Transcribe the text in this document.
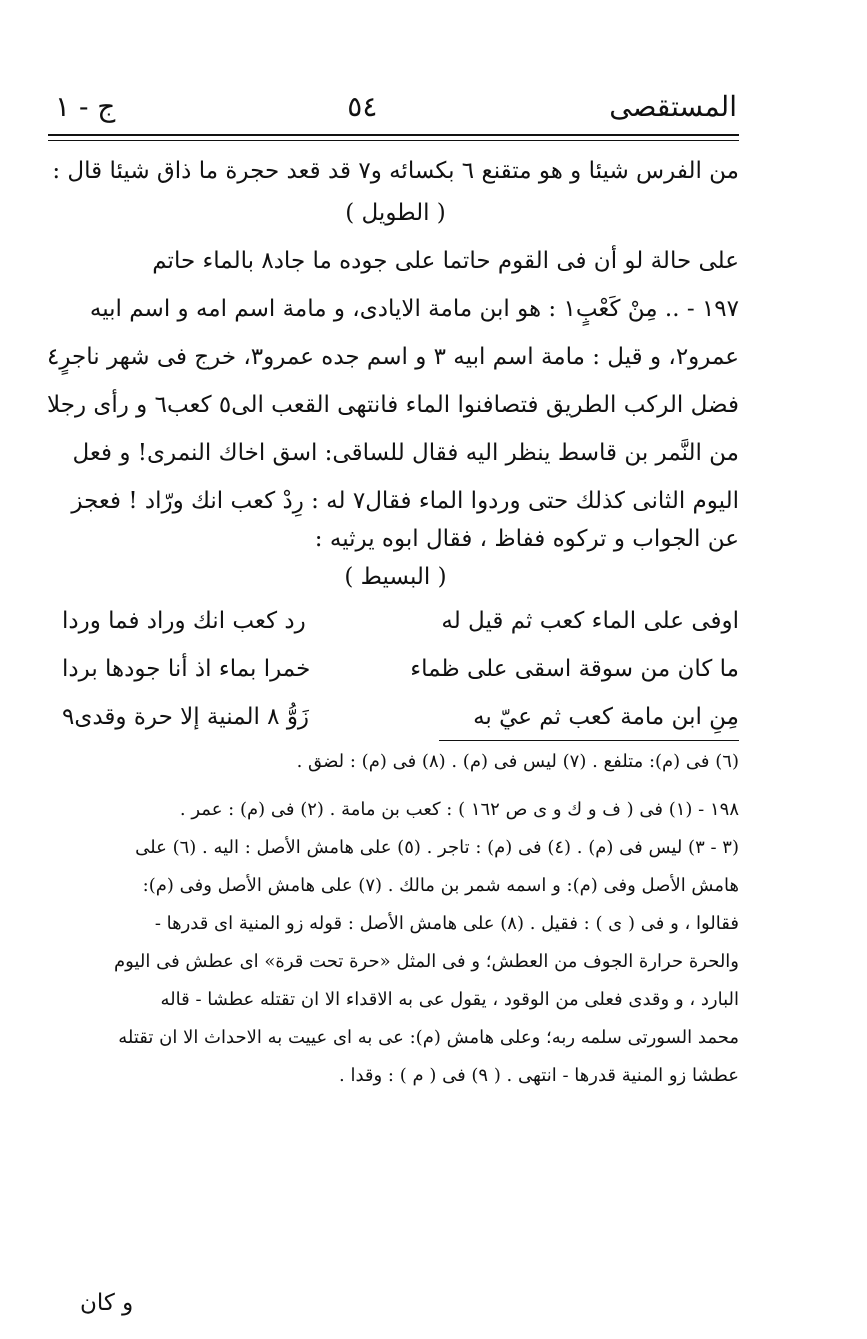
المستقصى
٥٤
ج - ١

من الفرس شيئا و هو متقنع ٦ بكسائه و٧ قد قعد حجرة ما ذاق شيئا قال :

( الطويل )

على حالة لو أن فى القوم حاتما على جوده ما جاد٨ بالماء حاتم

١٩٧ - .. مِنْ كَعْبٍ١ : هو ابن مامة الايادى، و مامة اسم امه و اسم ابيه

عمرو٢، و قيل : مامة اسم ابيه ٣ و اسم جده عمرو٣، خرج فى شهر ناجرٍ٤

فضل الركب الطريق فتصافنوا الماء فانتهى القعب الى٥ كعب٦ و رأى رجلا

من النَّمر بن قاسط ينظر اليه فقال للساقى: اسق اخاك النمرى! و فعل

اليوم الثانى كذلك حتى وردوا الماء فقال٧ له : رِدْ كعب انك ورّاد ! فعجز

عن الجواب و تركوه ففاظ ، فقال ابوه يرثيه :

( البسيط )

اوفى على الماء كعب ثم قيل له
رد كعب انك وراد فما وردا
ما كان من سوقة اسقى على ظماء
خمرا بماء اذ أنا جودها بردا
مِنِ ابن مامة كعب ثم عيّ به
زَوُّ ٨ المنية إلا حرة وقدى٩

(٦) فى (م): متلفع . (٧) ليس فى (م) . (٨) فى (م) : لضق .

١٩٨ - (١) فى ( ف و ك و ى ص ١٦٢ ) : كعب بن مامة . (٢) فى (م) : عمر .

(٣ - ٣) ليس فى (م) . (٤) فى (م) : تاجر . (٥) على هامش الأصل : اليه . (٦) على

هامش الأصل وفى (م): و اسمه شمر بن مالك . (٧) على هامش الأصل وفى (م):

فقالوا ، و فى ( ى ) : فقيل . (٨) على هامش الأصل : قوله زو المنية اى قدرها -

والحرة حرارة الجوف من العطش؛ و فى المثل «حرة تحت قرة» اى عطش فى اليوم

البارد ، و وقدى فعلى من الوقود ، يقول عى به الاقداء الا ان تقتله عطشا - قاله

محمد السورتى سلمه ربه؛ وعلى هامش (م): عى به اى عييت به الاحداث الا ان تقتله

عطشا زو المنية قدرها - انتهى . ( ٩) فى ( م ) : وقدا .

و كان
